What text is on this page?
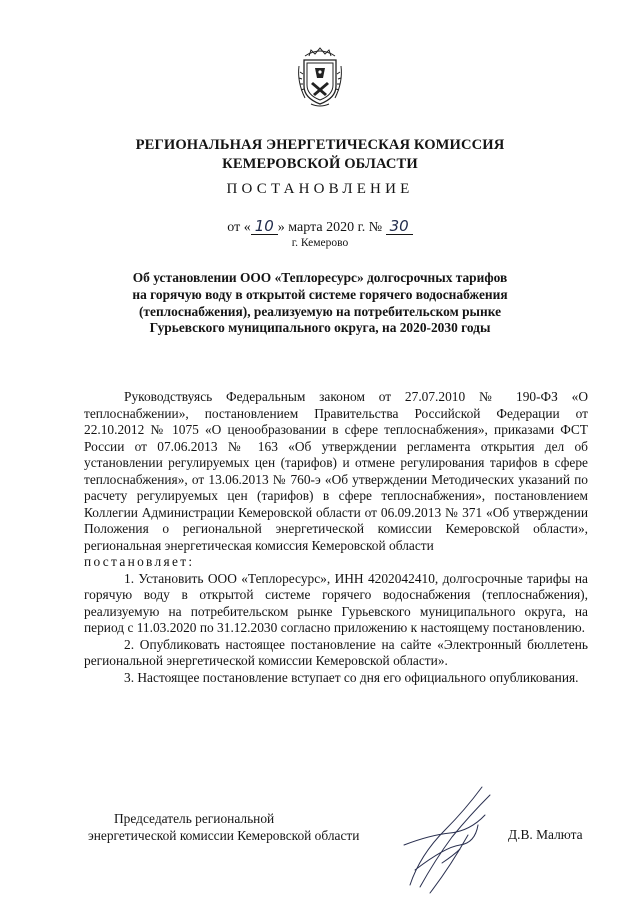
РЕГИОНАЛЬНАЯ ЭНЕРГЕТИЧЕСКАЯ КОМИССИЯ
КЕМЕРОВСКОЙ ОБЛАСТИ
ПОСТАНОВЛЕНИЕ
от « 10 » марта 2020 г. № 30
г. Кемерово
Об установлении ООО «Теплоресурс» долгосрочных тарифов
на горячую воду в открытой системе горячего водоснабжения
(теплоснабжения), реализуемую на потребительском рынке
Гурьевского муниципального округа, на 2020-2030 годы

Руководствуясь Федеральным законом от 27.07.2010 № 190-ФЗ «О теплоснабжении», постановлением Правительства Российской Федерации от 22.10.2012 № 1075 «О ценообразовании в сфере теплоснабжения», приказами ФСТ России от 07.06.2013 № 163 «Об утверждении регламента открытия дел об установлении регулируемых цен (тарифов) и отмене регулирования тарифов в сфере теплоснабжения», от 13.06.2013 № 760-э «Об утверждении Методических указаний по расчету регулируемых цен (тарифов) в сфере теплоснабжения», постановлением Коллегии Администрации Кемеровской области от 06.09.2013 № 371 «Об утверждении Положения о региональной энергетической комиссии Кемеровской области», региональная энергетическая комиссия Кемеровской области

постановляет:

1. Установить ООО «Теплоресурс», ИНН 4202042410, долгосрочные тарифы на горячую воду в открытой системе горячего водоснабжения (теплоснабжения), реализуемую на потребительском рынке Гурьевского муниципального округа, на период с 11.03.2020 по 31.12.2030 согласно приложению к настоящему постановлению.

2. Опубликовать настоящее постановление на сайте «Электронный бюллетень региональной энергетической комиссии Кемеровской области».

3. Настоящее постановление вступает со дня его официального опубликования.

Председатель региональной
энергетической комиссии Кемеровской области	Д.В. Малюта
